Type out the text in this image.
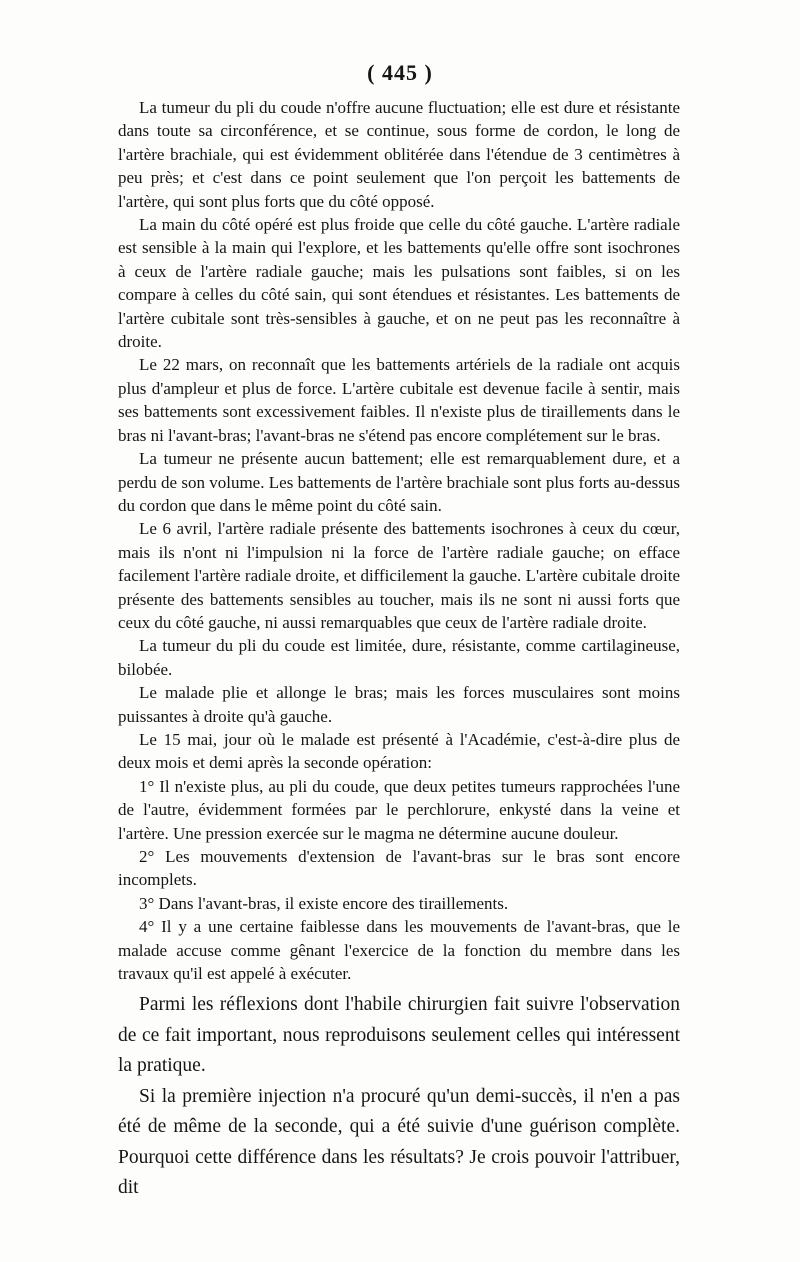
( 445 )

La tumeur du pli du coude n'offre aucune fluctuation; elle est dure et résistante dans toute sa circonférence, et se continue, sous forme de cordon, le long de l'artère brachiale, qui est évidemment oblitérée dans l'étendue de 3 centimètres à peu près; et c'est dans ce point seulement que l'on perçoit les battements de l'artère, qui sont plus forts que du côté opposé.

La main du côté opéré est plus froide que celle du côté gauche. L'artère radiale est sensible à la main qui l'explore, et les battements qu'elle offre sont isochrones à ceux de l'artère radiale gauche; mais les pulsations sont faibles, si on les compare à celles du côté sain, qui sont étendues et résistantes. Les battements de l'artère cubitale sont très-sensibles à gauche, et on ne peut pas les reconnaître à droite.

Le 22 mars, on reconnaît que les battements artériels de la radiale ont acquis plus d'ampleur et plus de force. L'artère cubitale est devenue facile à sentir, mais ses battements sont excessivement faibles. Il n'existe plus de tiraillements dans le bras ni l'avant-bras; l'avant-bras ne s'étend pas encore complétement sur le bras.

La tumeur ne présente aucun battement; elle est remarquablement dure, et a perdu de son volume. Les battements de l'artère brachiale sont plus forts au-dessus du cordon que dans le même point du côté sain.

Le 6 avril, l'artère radiale présente des battements isochrones à ceux du cœur, mais ils n'ont ni l'impulsion ni la force de l'artère radiale gauche; on efface facilement l'artère radiale droite, et difficilement la gauche. L'artère cubitale droite présente des battements sensibles au toucher, mais ils ne sont ni aussi forts que ceux du côté gauche, ni aussi remarquables que ceux de l'artère radiale droite.

La tumeur du pli du coude est limitée, dure, résistante, comme cartilagineuse, bilobée.

Le malade plie et allonge le bras; mais les forces musculaires sont moins puissantes à droite qu'à gauche.

Le 15 mai, jour où le malade est présenté à l'Académie, c'est-à-dire plus de deux mois et demi après la seconde opération:

1° Il n'existe plus, au pli du coude, que deux petites tumeurs rapprochées l'une de l'autre, évidemment formées par le perchlorure, enkysté dans la veine et l'artère. Une pression exercée sur le magma ne détermine aucune douleur.

2° Les mouvements d'extension de l'avant-bras sur le bras sont encore incomplets.

3° Dans l'avant-bras, il existe encore des tiraillements.

4° Il y a une certaine faiblesse dans les mouvements de l'avant-bras, que le malade accuse comme gênant l'exercice de la fonction du membre dans les travaux qu'il est appelé à exécuter.

Parmi les réflexions dont l'habile chirurgien fait suivre l'observation de ce fait important, nous reproduisons seulement celles qui intéressent la pratique.

Si la première injection n'a procuré qu'un demi-succès, il n'en a pas été de même de la seconde, qui a été suivie d'une guérison complète. Pourquoi cette différence dans les résultats? Je crois pouvoir l'attribuer, dit
